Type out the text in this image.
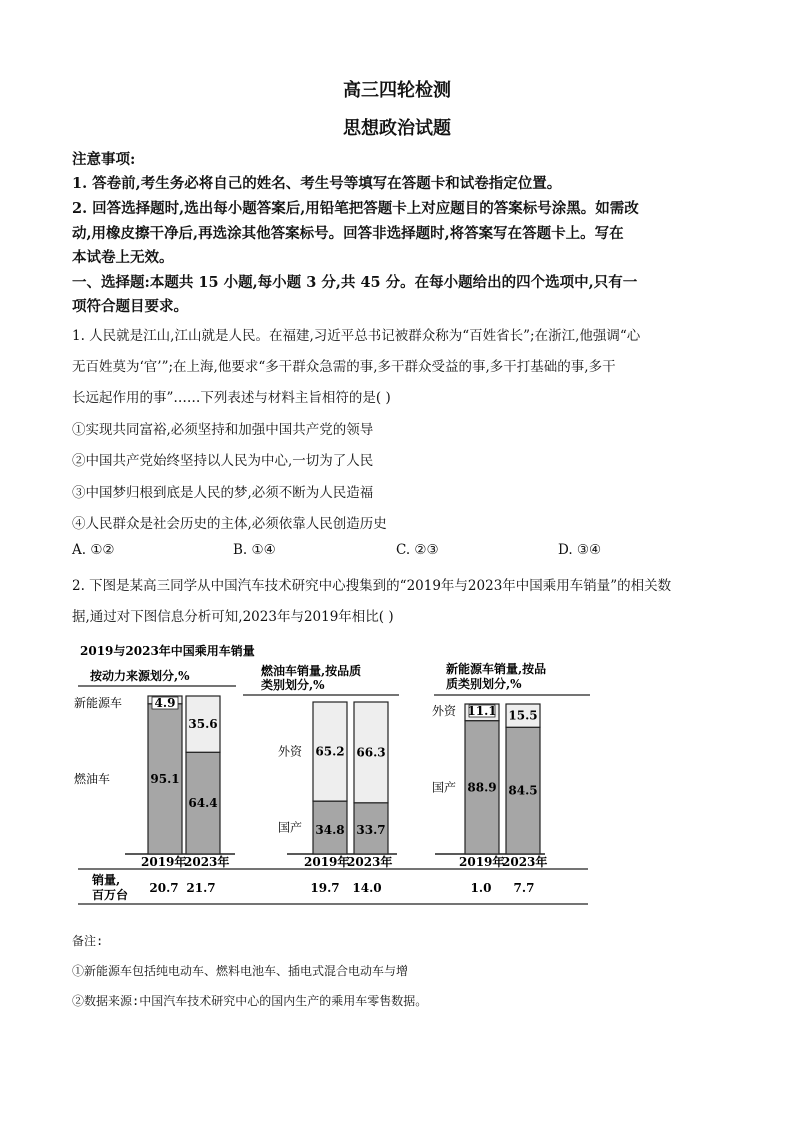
高三四轮检测
思想政治试题
注意事项:
1. 答卷前,考生务必将自己的姓名、考生号等填写在答题卡和试卷指定位置。
2. 回答选择题时,选出每小题答案后,用铅笔把答题卡上对应题目的答案标号涂黑。如需改
动,用橡皮擦干净后,再选涂其他答案标号。回答非选择题时,将答案写在答题卡上。写在
本试卷上无效。
一、选择题:本题共 15 小题,每小题 3 分,共 45 分。在每小题给出的四个选项中,只有一
项符合题目要求。
1. 人民就是江山,江山就是人民。在福建,习近平总书记被群众称为“百姓省长”;在浙江,他强调“心
无百姓莫为‘官’”;在上海,他要求“多干群众急需的事,多干群众受益的事,多干打基础的事,多干
长远起作用的事”……下列表述与材料主旨相符的是( )
①实现共同富裕,必须坚持和加强中国共产党的领导
②中国共产党始终坚持以人民为中心,一切为了人民
③中国梦归根到底是人民的梦,必须不断为人民造福
④人民群众是社会历史的主体,必须依靠人民创造历史
A. ①②	B. ①④	C. ②③	D. ③④
2. 下图是某高三同学从中国汽车技术研究中心搜集到的“2019年与2023年中国乘用车销量”的相关数
据,通过对下图信息分析可知,2023年与2019年相比( )
2019与2023年中国乘用车销量
按动力来源划分,%	燃油车销量,按品质
类别划分,%
新能源车销量,按品
质类别划分,%
2019年
2023年	2019年
2023年	2019年
2023年
销量,
百万台 20.7 21.7	19.7 14.0	1.0 7.7
95.1
4.9
燃油车
新能源车
64.4
35.6
34.8
65.2
国产
外资
33.7
66.3
88.9
11.1
国产
外资
84.5
15.5
备注:
①新能源车包括纯电动车、燃料电池车、插电式混合电动车与增
②数据来源:中国汽车技术研究中心的国内生产的乘用车零售数据。
